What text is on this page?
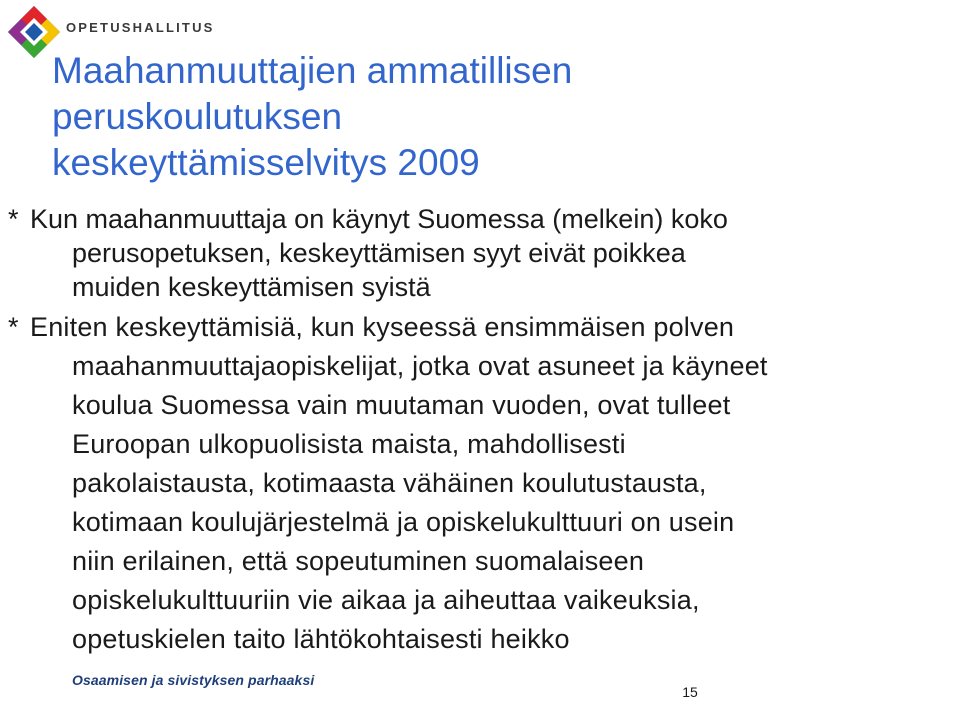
OPETUSHALLITUS
Maahanmuuttajien ammatillisen
peruskoulutuksen
keskeyttämisselvitys 2009
* Kun maahanmuuttaja on käynyt Suomessa (melkein) koko
perusopetuksen, keskeyttämisen syyt eivät poikkea
muiden keskeyttämisen syistä
* Eniten keskeyttämisiä, kun kyseessä ensimmäisen polven
maahanmuuttajaopiskelijat, jotka ovat asuneet ja käyneet
koulua Suomessa vain muutaman vuoden, ovat tulleet
Euroopan ulkopuolisista maista, mahdollisesti
pakolaistausta, kotimaasta vähäinen koulutustausta,
kotimaan koulujärjestelmä ja opiskelukulttuuri on usein
niin erilainen, että sopeutuminen suomalaiseen
opiskelukulttuuriin vie aikaa ja aiheuttaa vaikeuksia,
opetuskielen taito lähtökohtaisesti heikko
Osaamisen ja sivistyksen parhaaksi
15
